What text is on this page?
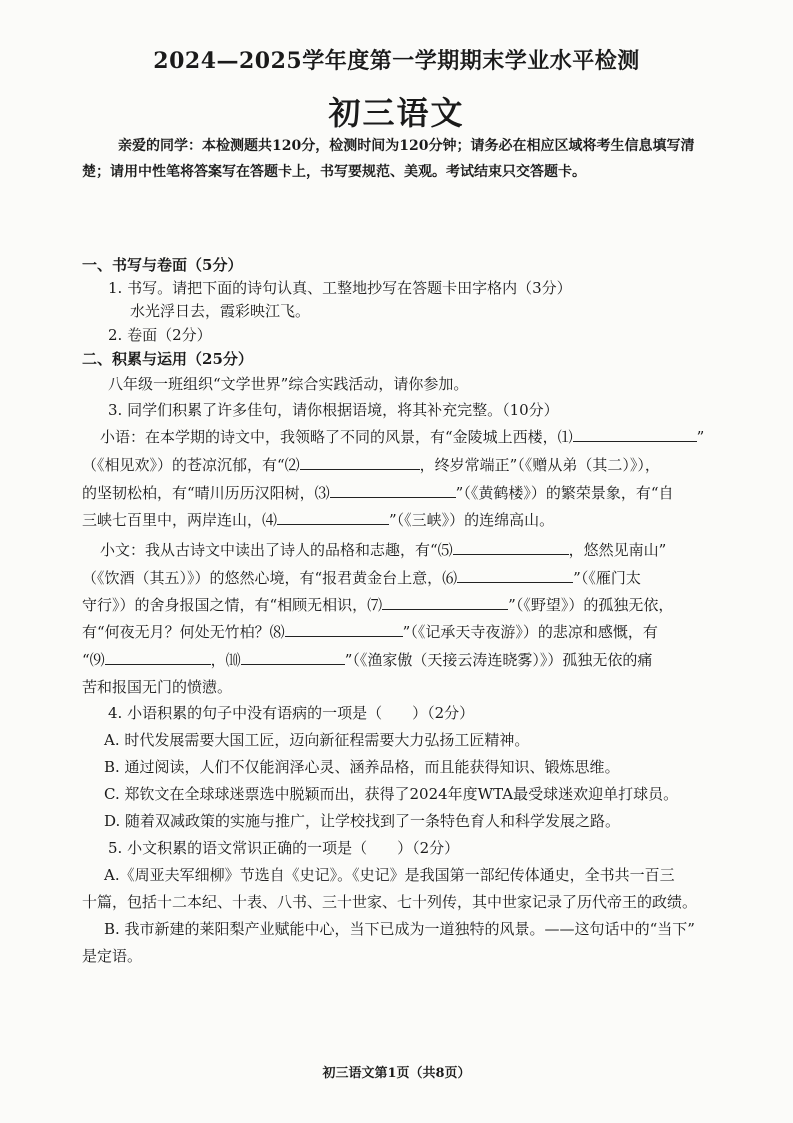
2024—2025学年度第一学期期末学业水平检测
初三语文
亲爱的同学：本检测题共120分，检测时间为120分钟；请务必在相应区域将考生信息填写清楚；请用中性笔将答案写在答题卡上，书写要规范、美观。考试结束只交答题卡。
一、书写与卷面（5分）
1. 书写。请把下面的诗句认真、工整地抄写在答题卡田字格内（3分）
水光浮日去，霞彩映江飞。
2. 卷面（2分）
二、积累与运用（25分）
八年级一班组织“文学世界”综合实践活动，请你参加。
3. 同学们积累了许多佳句，请你根据语境，将其补充完整。（10分）
小语：在本学期的诗文中，我领略了不同的风景，有“金陵城上西楼，⑴	”
（《相见欢》）的苍凉沉郁，有“⑵	，终岁常端正”（《赠从弟（其二）》），
的坚韧松柏，有“晴川历历汉阳树，⑶	”（《黄鹤楼》）的繁荣景象，有“自
三峡七百里中，两岸连山，⑷	”（《三峡》）的连绵高山。
小文：我从古诗文中读出了诗人的品格和志趣，有“⑸	，悠然见南山”
（《饮酒（其五）》）的悠然心境，有“报君黄金台上意，⑹	”（《雁门太
守行》）的舍身报国之情，有“相顾无相识，⑺	”（《野望》）的孤独无依，
有“何夜无月？何处无竹柏？⑻	”（《记承天寺夜游》）的悲凉和感慨，有
“⑼	，⑽	”（《渔家傲（天接云涛连晓雾）》）孤独无依的痛
苦和报国无门的愤懑。
4. 小语积累的句子中没有语病的一项是（　　）（2分）
A. 时代发展需要大国工匠，迈向新征程需要大力弘扬工匠精神。
B. 通过阅读，人们不仅能润泽心灵、涵养品格，而且能获得知识、锻炼思维。
C. 郑钦文在全球球迷票选中脱颖而出，获得了2024年度WTA最受球迷欢迎单打球员。
D. 随着双减政策的实施与推广，让学校找到了一条特色育人和科学发展之路。
5. 小文积累的语文常识正确的一项是（　　）（2分）
A.《周亚夫军细柳》节选自《史记》。《史记》是我国第一部纪传体通史，全书共一百三
十篇，包括十二本纪、十表、八书、三十世家、七十列传，其中世家记录了历代帝王的政绩。
B. 我市新建的莱阳梨产业赋能中心，当下已成为一道独特的风景。——这句话中的“当下”
是定语。
初三语文第1页（共8页）
